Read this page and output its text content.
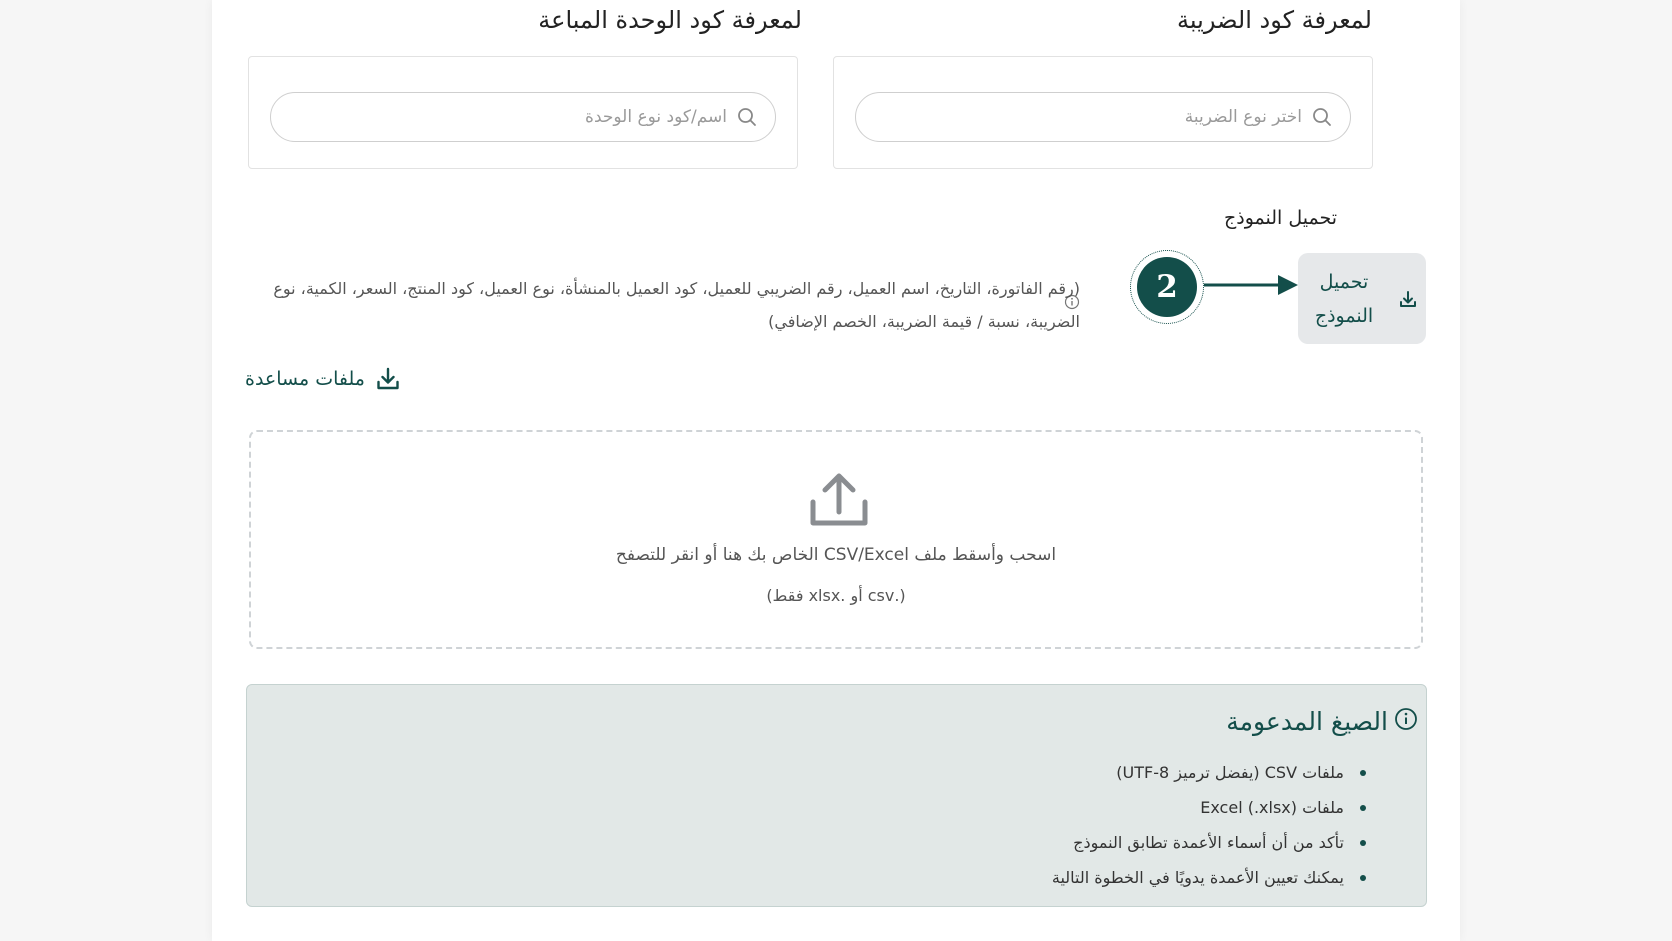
لمعرفة كود الضريبة
اختر نوع الضريبة
لمعرفة كود الوحدة المباعة
اسم/كود نوع الوحدة
تحميل النموذج
تحميل
النموذج
2
(رقم الفاتورة، التاريخ، اسم العميل، رقم الضريبي للعميل، كود العميل بالمنشأة، نوع العميل، كود المنتج، السعر، الكمية، نوع الضريبة، نسبة / قيمة الضريبة، الخصم الإضافي)
ملفات مساعدة
اسحب وأسقط ملف CSV/Excel الخاص بك هنا أو انقر للتصفح
(.csv أو .xlsx فقط)
الصيغ المدعومة
ملفات CSV (يفضل ترميز UTF-8)
ملفات Excel (.xlsx)
تأكد من أن أسماء الأعمدة تطابق النموذج
يمكنك تعيين الأعمدة يدويًا في الخطوة التالية
